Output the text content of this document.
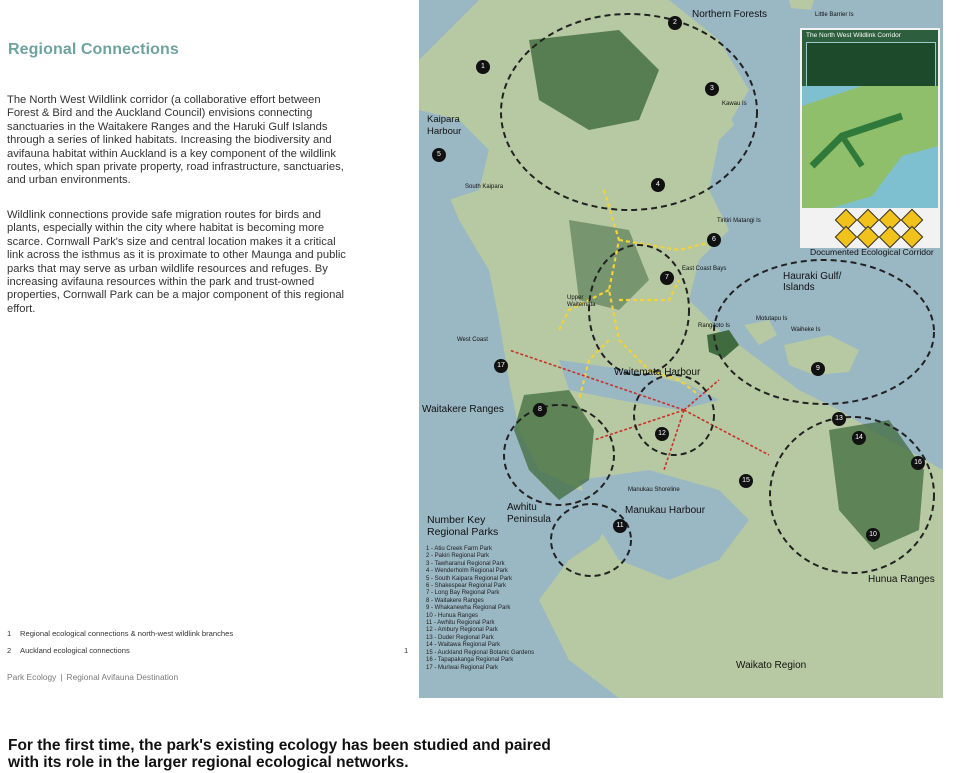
Regional Connections
The North West Wildlink corridor (a collaborative effort between Forest & Bird and the Auckland Council) envisions connecting sanctuaries in the Waitakere Ranges and the Haruki Gulf Islands through a series of linked habitats. Increasing the biodiversity and avifauna habitat within Auckland is a key component of the wildlink routes, which span private property, road infrastructure, sanctuaries, and urban environments.
Wildlink connections provide safe migration routes for birds and plants, especially within the city where habitat is becoming more scarce. Cornwall Park's size and central location makes it a critical link across the isthmus as it is proximate to other Maunga and public parks that may serve as urban wildlife resources and refuges. By increasing avifauna resources within the park and trust-owned properties, Cornwall Park can be a major component of this regional effort.
1 Regional ecological connections & north-west wildlink branches
2 Auckland ecological connections	1
Park Ecology | Regional Avifauna Destination
For the first time, the park's existing ecology has been studied and paired with its role in the larger regional ecological networks.
1
2
3
4
5
6
7
8
9
10
11
12
13
14
15
16
17
Northern Forests	Little Barrier Is
Kaipara
Harbour
South Kaipara
Kawau Is
Tiritiri Matangi Is
East Coast Bays
Hauraki Gulf/
Islands
Motutapu Is
Rangitoto Is
Waiheke Is
Upper
Waitemata
West Coast
Waitemata Harbour
Waitakere Ranges
Manukau Shoreline
Awhitu
Peninsula
Manukau Harbour
Hunua Ranges
Waikato Region
Number Key
Regional Parks
1 - Atiu Creek Farm Park
2 - Pakiri Regional Park
3 - Tawharanui Regional Park
4 - Wenderholm Regional Park
5 - South Kaipara Regional Park
6 - Shakespear Regional Park
7 - Long Bay Regional Park
8 - Waitakere Ranges
9 - Whakanewha Regional Park
10 - Hunua Ranges
11 - Awhitu Regional Park
12 - Ambury Regional Park
13 - Duder Regional Park
14 - Waitawa Regional Park
15 - Auckland Regional Botanic Gardens
16 - Tapapakanga Regional Park
17 - Muriwai Regional Park
The North West Wildlink Corridor
Documented Ecological Corridor
